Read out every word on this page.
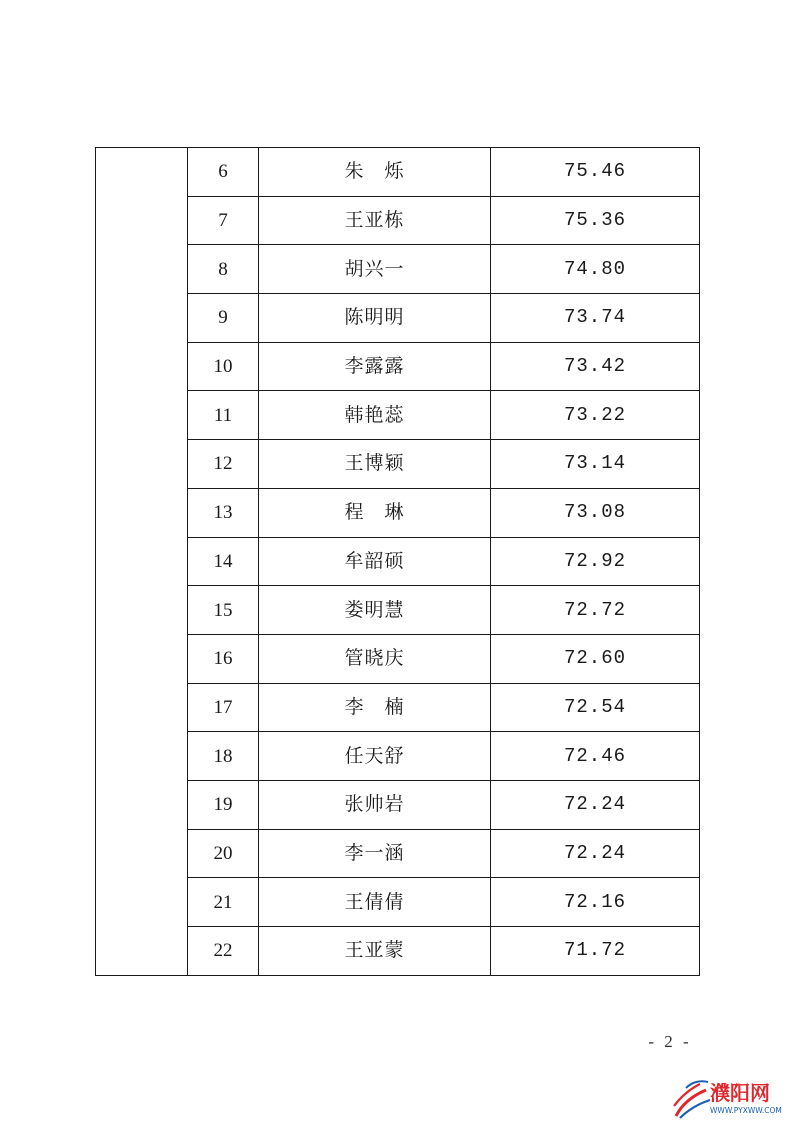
	6	朱　烁	75.46
	7	王亚栋	75.36
	8	胡兴一	74.80
	9	陈明明	73.74
	10	李露露	73.42
	11	韩艳蕊	73.22
	12	王博颖	73.14
	13	程　琳	73.08
	14	牟韶硕	72.92
	15	娄明慧	72.72
	16	管晓庆	72.60
	17	李　楠	72.54
	18	任天舒	72.46
	19	张帅岩	72.24
	20	李一涵	72.24
	21	王倩倩	72.16
	22	王亚蒙	71.72
- 2 -
濮阳网
WWW.PYXWW.COM
